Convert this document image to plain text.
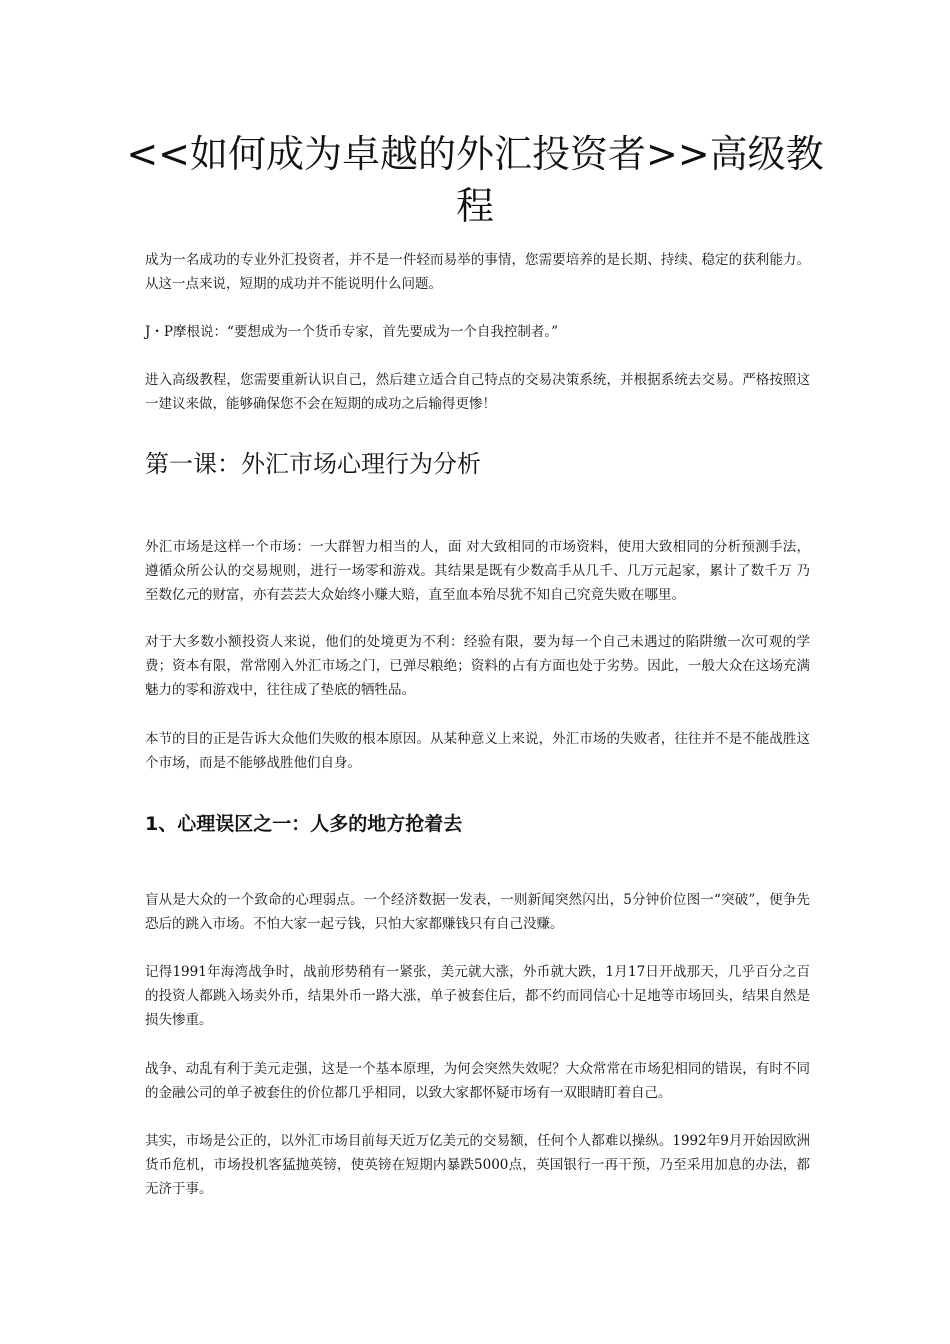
<<如何成为卓越的外汇投资者>>高级教程

成为一名成功的专业外汇投资者，并不是一件轻而易举的事情，您需要培养的是长期、持续、稳定的获利能力。从这一点来说，短期的成功并不能说明什么问题。

J・P摩根说：“要想成为一个货币专家，首先要成为一个自我控制者。”

进入高级教程，您需要重新认识自己，然后建立适合自己特点的交易决策系统，并根据系统去交易。严格按照这一建议来做，能够确保您不会在短期的成功之后输得更惨！

第一课：外汇市场心理行为分析

外汇市场是这样一个市场：一大群智力相当的人，面 对大致相同的市场资料，使用大致相同的分析预测手法，遵循众所公认的交易规则，进行一场零和游戏。其结果是既有少数高手从几千、几万元起家，累计了数千万 乃至数亿元的财富，亦有芸芸大众始终小赚大赔，直至血本殆尽犹不知自己究竟失败在哪里。

对于大多数小额投资人来说，他们的处境更为不利：经验有限，要为每一个自己未遇过的陷阱缴一次可观的学费；资本有限，常常刚入外汇市场之门，已弹尽粮绝；资料的占有方面也处于劣势。因此，一般大众在这场充满魅力的零和游戏中，往往成了垫底的牺牲品。

本节的目的正是告诉大众他们失败的根本原因。从某种意义上来说，外汇市场的失败者，往往并不是不能战胜这个市场，而是不能够战胜他们自身。

1、心理误区之一：人多的地方抢着去

盲从是大众的一个致命的心理弱点。一个经济数据一发表，一则新闻突然闪出，5分钟价位图一“突破”，便争先恐后的跳入市场。不怕大家一起亏钱，只怕大家都赚钱只有自己没赚。

记得1991年海湾战争时，战前形势稍有一紧张，美元就大涨，外币就大跌，1月17日开战那天，几乎百分之百的投资人都跳入场卖外币，结果外币一路大涨，单子被套住后，都不约而同信心十足地等市场回头，结果自然是损失惨重。

战争、动乱有利于美元走强，这是一个基本原理，为何会突然失效呢？大众常常在市场犯相同的错误，有时不同的金融公司的单子被套住的价位都几乎相同，以致大家都怀疑市场有一双眼睛盯着自己。

其实，市场是公正的，以外汇市场目前每天近万亿美元的交易额，任何个人都难以操纵。1992年9月开始因欧洲货币危机，市场投机客猛抛英镑，使英镑在短期内暴跌5000点，英国银行一再干预，乃至采用加息的办法，都无济于事。
